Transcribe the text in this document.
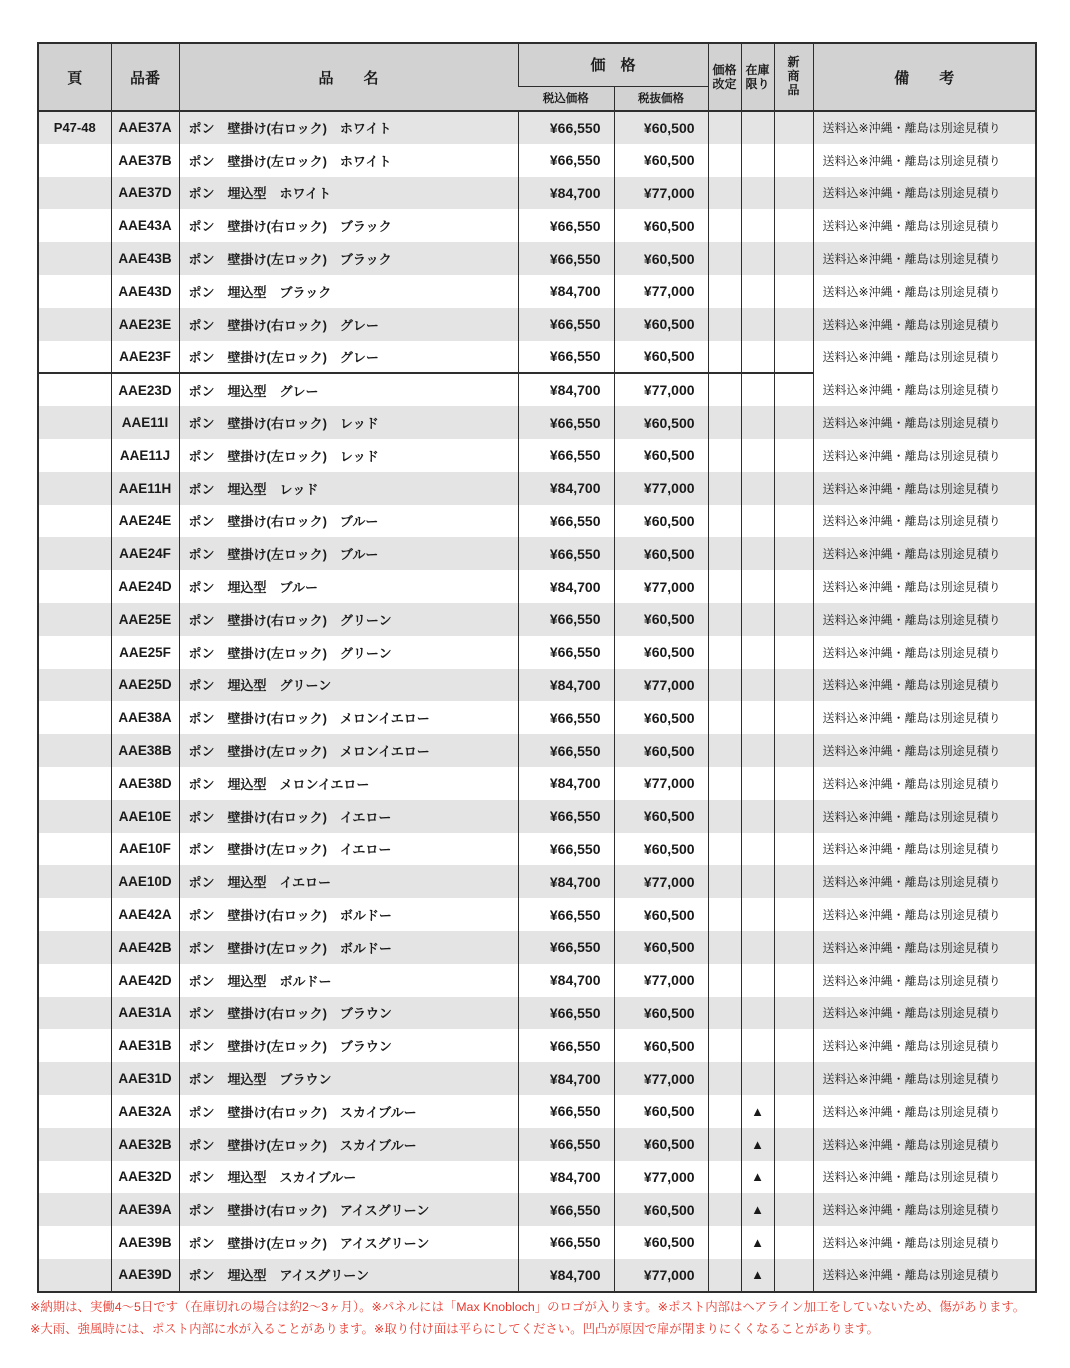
頁	品番	品　　名	価　格		価格改定	在庫限り	新商品	備　　考
			税込価格	税抜価格				
P47-48	AAE37A	ポン　壁掛け(右ロック)　ホワイト	¥66,550	¥60,500				送料込※沖縄・離島は別途見積り
	AAE37B	ポン　壁掛け(左ロック)　ホワイト	¥66,550	¥60,500				送料込※沖縄・離島は別途見積り
	AAE37D	ポン　埋込型　ホワイト	¥84,700	¥77,000				送料込※沖縄・離島は別途見積り
	AAE43A	ポン　壁掛け(右ロック)　ブラック	¥66,550	¥60,500				送料込※沖縄・離島は別途見積り
	AAE43B	ポン　壁掛け(左ロック)　ブラック	¥66,550	¥60,500				送料込※沖縄・離島は別途見積り
	AAE43D	ポン　埋込型　ブラック	¥84,700	¥77,000				送料込※沖縄・離島は別途見積り
	AAE23E	ポン　壁掛け(右ロック)　グレー	¥66,550	¥60,500				送料込※沖縄・離島は別途見積り
	AAE23F	ポン　壁掛け(左ロック)　グレー	¥66,550	¥60,500				送料込※沖縄・離島は別途見積り
	AAE23D	ポン　埋込型　グレー	¥84,700	¥77,000				送料込※沖縄・離島は別途見積り
	AAE11I	ポン　壁掛け(右ロック)　レッド	¥66,550	¥60,500				送料込※沖縄・離島は別途見積り
	AAE11J	ポン　壁掛け(左ロック)　レッド	¥66,550	¥60,500				送料込※沖縄・離島は別途見積り
	AAE11H	ポン　埋込型　レッド	¥84,700	¥77,000				送料込※沖縄・離島は別途見積り
	AAE24E	ポン　壁掛け(右ロック)　ブルー	¥66,550	¥60,500				送料込※沖縄・離島は別途見積り
	AAE24F	ポン　壁掛け(左ロック)　ブルー	¥66,550	¥60,500				送料込※沖縄・離島は別途見積り
	AAE24D	ポン　埋込型　ブルー	¥84,700	¥77,000				送料込※沖縄・離島は別途見積り
	AAE25E	ポン　壁掛け(右ロック)　グリーン	¥66,550	¥60,500				送料込※沖縄・離島は別途見積り
	AAE25F	ポン　壁掛け(左ロック)　グリーン	¥66,550	¥60,500				送料込※沖縄・離島は別途見積り
	AAE25D	ポン　埋込型　グリーン	¥84,700	¥77,000				送料込※沖縄・離島は別途見積り
	AAE38A	ポン　壁掛け(右ロック)　メロンイエロー	¥66,550	¥60,500				送料込※沖縄・離島は別途見積り
	AAE38B	ポン　壁掛け(左ロック)　メロンイエロー	¥66,550	¥60,500				送料込※沖縄・離島は別途見積り
	AAE38D	ポン　埋込型　メロンイエロー	¥84,700	¥77,000				送料込※沖縄・離島は別途見積り
	AAE10E	ポン　壁掛け(右ロック)　イエロー	¥66,550	¥60,500				送料込※沖縄・離島は別途見積り
	AAE10F	ポン　壁掛け(左ロック)　イエロー	¥66,550	¥60,500				送料込※沖縄・離島は別途見積り
	AAE10D	ポン　埋込型　イエロー	¥84,700	¥77,000				送料込※沖縄・離島は別途見積り
	AAE42A	ポン　壁掛け(右ロック)　ボルドー	¥66,550	¥60,500				送料込※沖縄・離島は別途見積り
	AAE42B	ポン　壁掛け(左ロック)　ボルドー	¥66,550	¥60,500				送料込※沖縄・離島は別途見積り
	AAE42D	ポン　埋込型　ボルドー	¥84,700	¥77,000				送料込※沖縄・離島は別途見積り
	AAE31A	ポン　壁掛け(右ロック)　ブラウン	¥66,550	¥60,500				送料込※沖縄・離島は別途見積り
	AAE31B	ポン　壁掛け(左ロック)　ブラウン	¥66,550	¥60,500				送料込※沖縄・離島は別途見積り
	AAE31D	ポン　埋込型　ブラウン	¥84,700	¥77,000				送料込※沖縄・離島は別途見積り
	AAE32A	ポン　壁掛け(右ロック)　スカイブルー	¥66,550	¥60,500		▲		送料込※沖縄・離島は別途見積り
	AAE32B	ポン　壁掛け(左ロック)　スカイブルー	¥66,550	¥60,500		▲		送料込※沖縄・離島は別途見積り
	AAE32D	ポン　埋込型　スカイブルー	¥84,700	¥77,000		▲		送料込※沖縄・離島は別途見積り
	AAE39A	ポン　壁掛け(右ロック)　アイスグリーン	¥66,550	¥60,500		▲		送料込※沖縄・離島は別途見積り
	AAE39B	ポン　壁掛け(左ロック)　アイスグリーン	¥66,550	¥60,500		▲		送料込※沖縄・離島は別途見積り
	AAE39D	ポン　埋込型　アイスグリーン	¥84,700	¥77,000		▲		送料込※沖縄・離島は別途見積り
※納期は、実働4～5日です（在庫切れの場合は約2～3ヶ月）。※パネルには「Max Knobloch」のロゴが入ります。※ポスト内部はヘアライン加工をしていないため、傷があります。
※大雨、強風時には、ポスト内部に水が入ることがあります。※取り付け面は平らにしてください。凹凸が原因で扉が閉まりにくくなることがあります。
